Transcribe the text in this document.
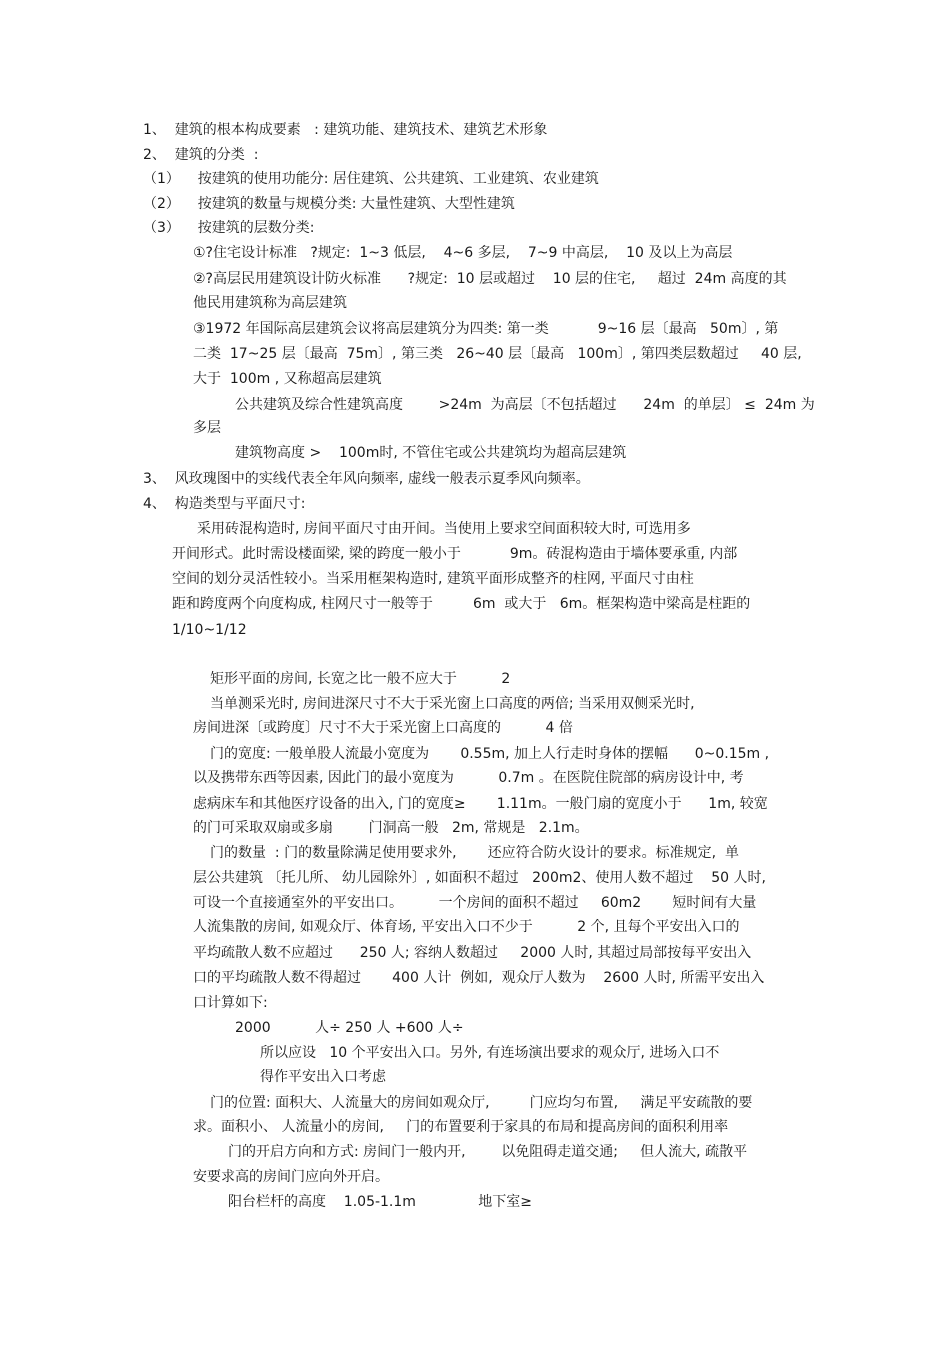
1、  建筑的根本构成要素   : 建筑功能、建筑技术、建筑艺术形象
2、  建筑的分类  :
（1）    按建筑的使用功能分: 居住建筑、公共建筑、工业建筑、农业建筑
（2）    按建筑的数量与规模分类: 大量性建筑、大型性建筑
（3）    按建筑的层数分类:
①?住宅设计标准   ?规定:  1~3 低层,    4~6 多层,    7~9 中高层,    10 及以上为高层
②?高层民用建筑设计防火标准      ?规定:  10 层或超过    10 层的住宅,     超过  24m 高度的其
他民用建筑称为高层建筑
③1972 年国际高层建筑会议将高层建筑分为四类: 第一类           9~16 层〔最高   50m〕, 第
二类  17~25 层〔最高  75m〕, 第三类   26~40 层〔最高   100m〕, 第四类层数超过     40 层,
大于  100m , 又称超高层建筑
公共建筑及综合性建筑高度        >24m  为高层〔不包括超过      24m  的单层〕 ≤  24m 为
多层
建筑物高度 >    100m时, 不管住宅或公共建筑均为超高层建筑
3、  风玫瑰图中的实线代表全年风向频率, 虚线一般表示夏季风向频率。
4、  构造类型与平面尺寸:
采用砖混构造时, 房间平面尺寸由开间。当使用上要求空间面积较大时, 可选用多
开间形式。此时需设楼面梁, 梁的跨度一般小于           9m。砖混构造由于墙体要承重, 内部
空间的划分灵活性较小。当采用框架构造时, 建筑平面形成整齐的柱网, 平面尺寸由柱
距和跨度两个向度构成, 柱网尺寸一般等于         6m  或大于   6m。框架构造中梁高是柱距的
1/10~1/12
矩形平面的房间, 长宽之比一般不应大于          2
当单测采光时, 房间进深尺寸不大于采光窗上口高度的两倍; 当采用双侧采光时,
房间进深〔或跨度〕尺寸不大于采光窗上口高度的          4 倍
门的宽度: 一般单股人流最小宽度为       0.55m, 加上人行走时身体的摆幅      0~0.15m ,
以及携带东西等因素, 因此门的最小宽度为          0.7m 。在医院住院部的病房设计中, 考
虑病床车和其他医疗设备的出入, 门的宽度≥       1.11m。一般门扇的宽度小于      1m, 较宽
的门可采取双扇或多扇        门洞高一般   2m, 常规是   2.1m。
门的数量  : 门的数量除满足使用要求外,       还应符合防火设计的要求。标准规定,  单
层公共建筑 〔托儿所、 幼儿园除外〕, 如面积不超过   200m2、使用人数不超过    50 人时,
可设一个直接通室外的平安出口。        一个房间的面积不超过     60m2       短时间有大量
人流集散的房间, 如观众厅、体育场, 平安出入口不少于          2 个, 且每个平安出入口的
平均疏散人数不应超过      250 人; 容纳人数超过     2000 人时, 其超过局部按每平安出入
口的平均疏散人数不得超过       400 人计  例如,  观众厅人数为    2600 人时, 所需平安出入
口计算如下:
2000          人÷ 250 人 +600 人÷
所以应设   10 个平安出入口。另外, 有连场演出要求的观众厅, 进场入口不
得作平安出入口考虑
门的位置: 面积大、人流量大的房间如观众厅,         门应均匀布置,     满足平安疏散的要
求。面积小、 人流量小的房间,     门的布置要利于家具的布局和提高房间的面积利用率
门的开启方向和方式: 房间门一般内开,        以免阻碍走道交通;     但人流大, 疏散平
安要求高的房间门应向外开启。
阳台栏杆的高度    1.05-1.1m              地下室≥
